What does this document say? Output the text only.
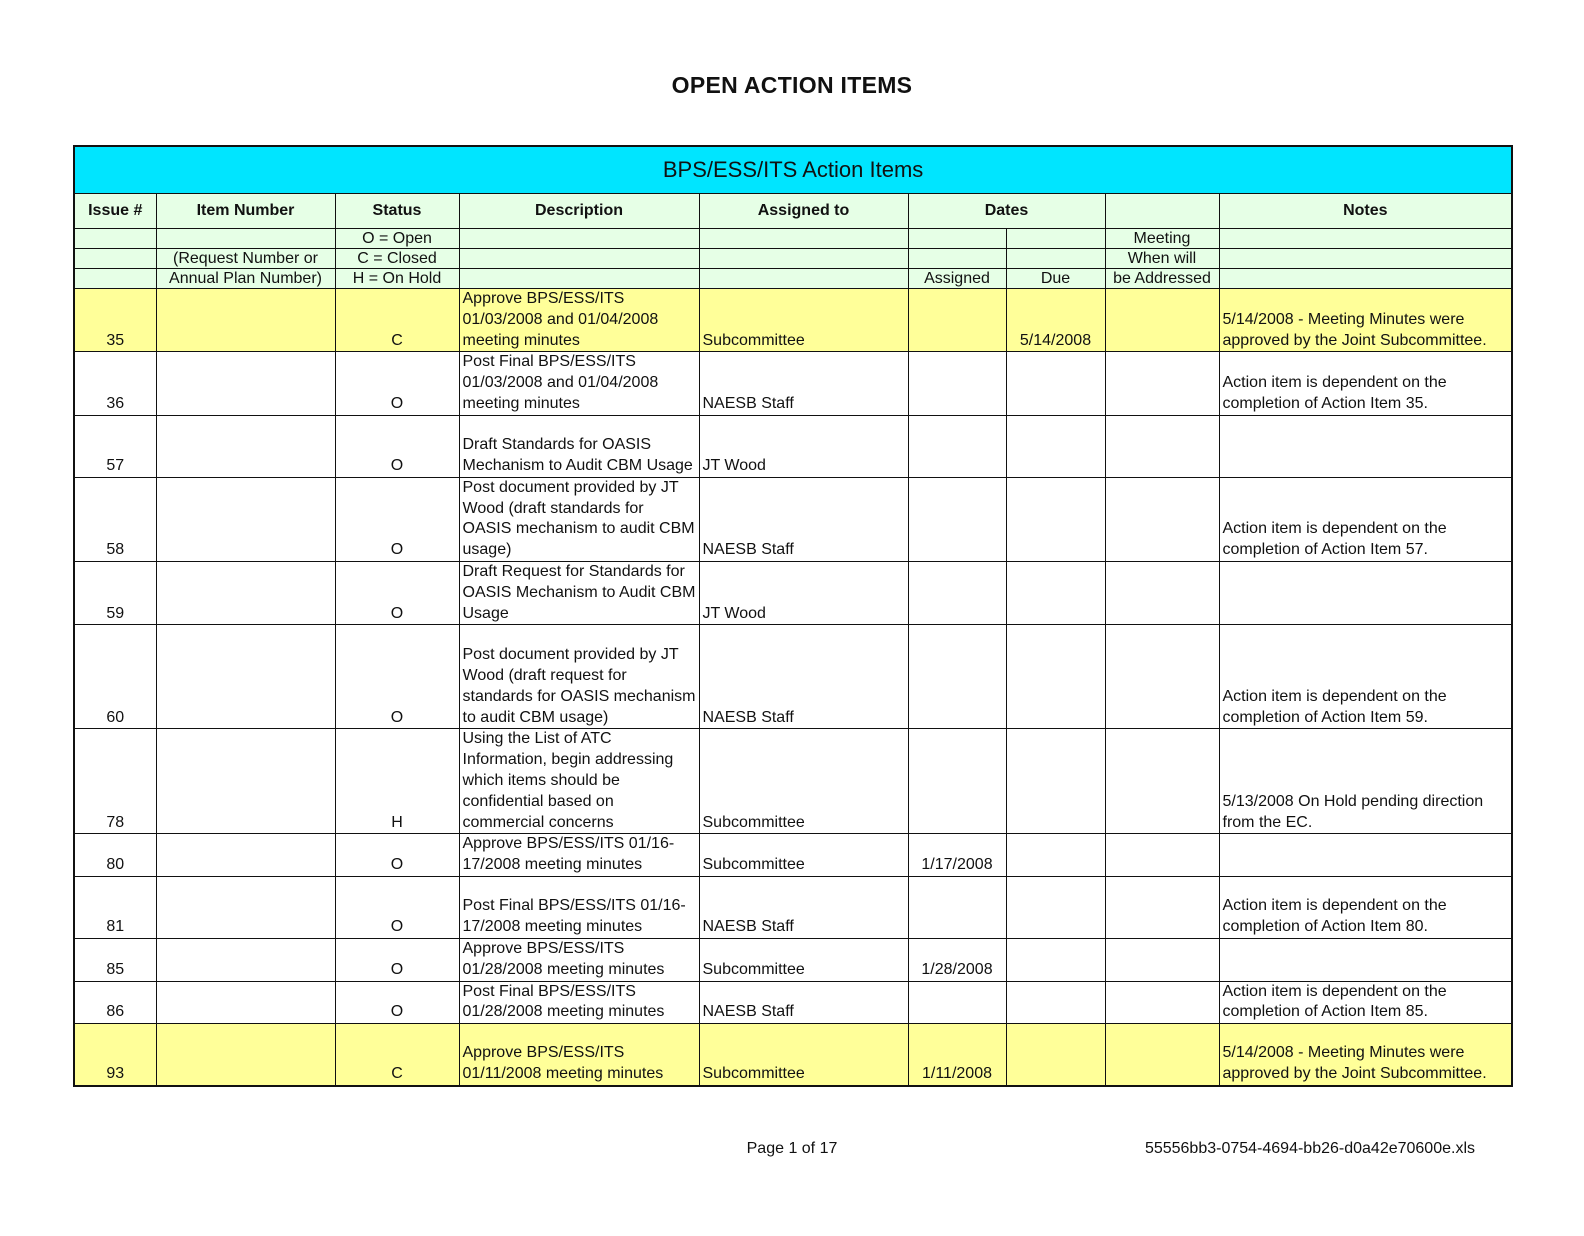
OPEN ACTION ITEMS
BPS/ESS/ITS Action Items								
Issue #	Item Number	Status	Description	Assigned to	Dates			Notes
		O = Open					Meeting	
	(Request Number or	C = Closed					When will	
	Annual Plan Number)	H = On Hold			Assigned	Due	be Addressed	
35		C	Approve BPS/ESS/ITS 01/03/2008 and 01/04/2008 meeting minutes	Subcommittee		5/14/2008		5/14/2008 - Meeting Minutes were approved by the Joint Subcommittee.
36		O	Post Final BPS/ESS/ITS 01/03/2008 and 01/04/2008 meeting minutes	NAESB Staff				Action item is dependent on the completion of Action Item 35.
57		O	Draft Standards for OASIS Mechanism to Audit CBM Usage	JT Wood				
58		O	Post document provided by JT Wood (draft standards for OASIS mechanism to audit CBM usage)	NAESB Staff				Action item is dependent on the completion of Action Item 57.
59		O	Draft Request for Standards for OASIS Mechanism to Audit CBM Usage	JT Wood				
60		O	Post document provided by JT Wood (draft request for standards for OASIS mechanism to audit CBM usage)	NAESB Staff				Action item is dependent on the completion of Action Item 59.
78		H	Using the List of ATC Information, begin addressing which items should be confidential based on commercial concerns	Subcommittee				5/13/2008 On Hold pending direction from the EC.
80		O	Approve BPS/ESS/ITS 01/16-17/2008 meeting minutes	Subcommittee	1/17/2008			
81		O	Post Final BPS/ESS/ITS 01/16-17/2008 meeting minutes	NAESB Staff				Action item is dependent on the completion of Action Item 80.
85		O	Approve BPS/ESS/ITS 01/28/2008 meeting minutes	Subcommittee	1/28/2008			
86		O	Post Final BPS/ESS/ITS 01/28/2008 meeting minutes	NAESB Staff				Action item is dependent on the completion of Action Item 85.
93		C	Approve BPS/ESS/ITS 01/11/2008 meeting minutes	Subcommittee	1/11/2008			5/14/2008 - Meeting Minutes were approved by the Joint Subcommittee.
Page 1 of 17	55556bb3-0754-4694-bb26-d0a42e70600e.xls
